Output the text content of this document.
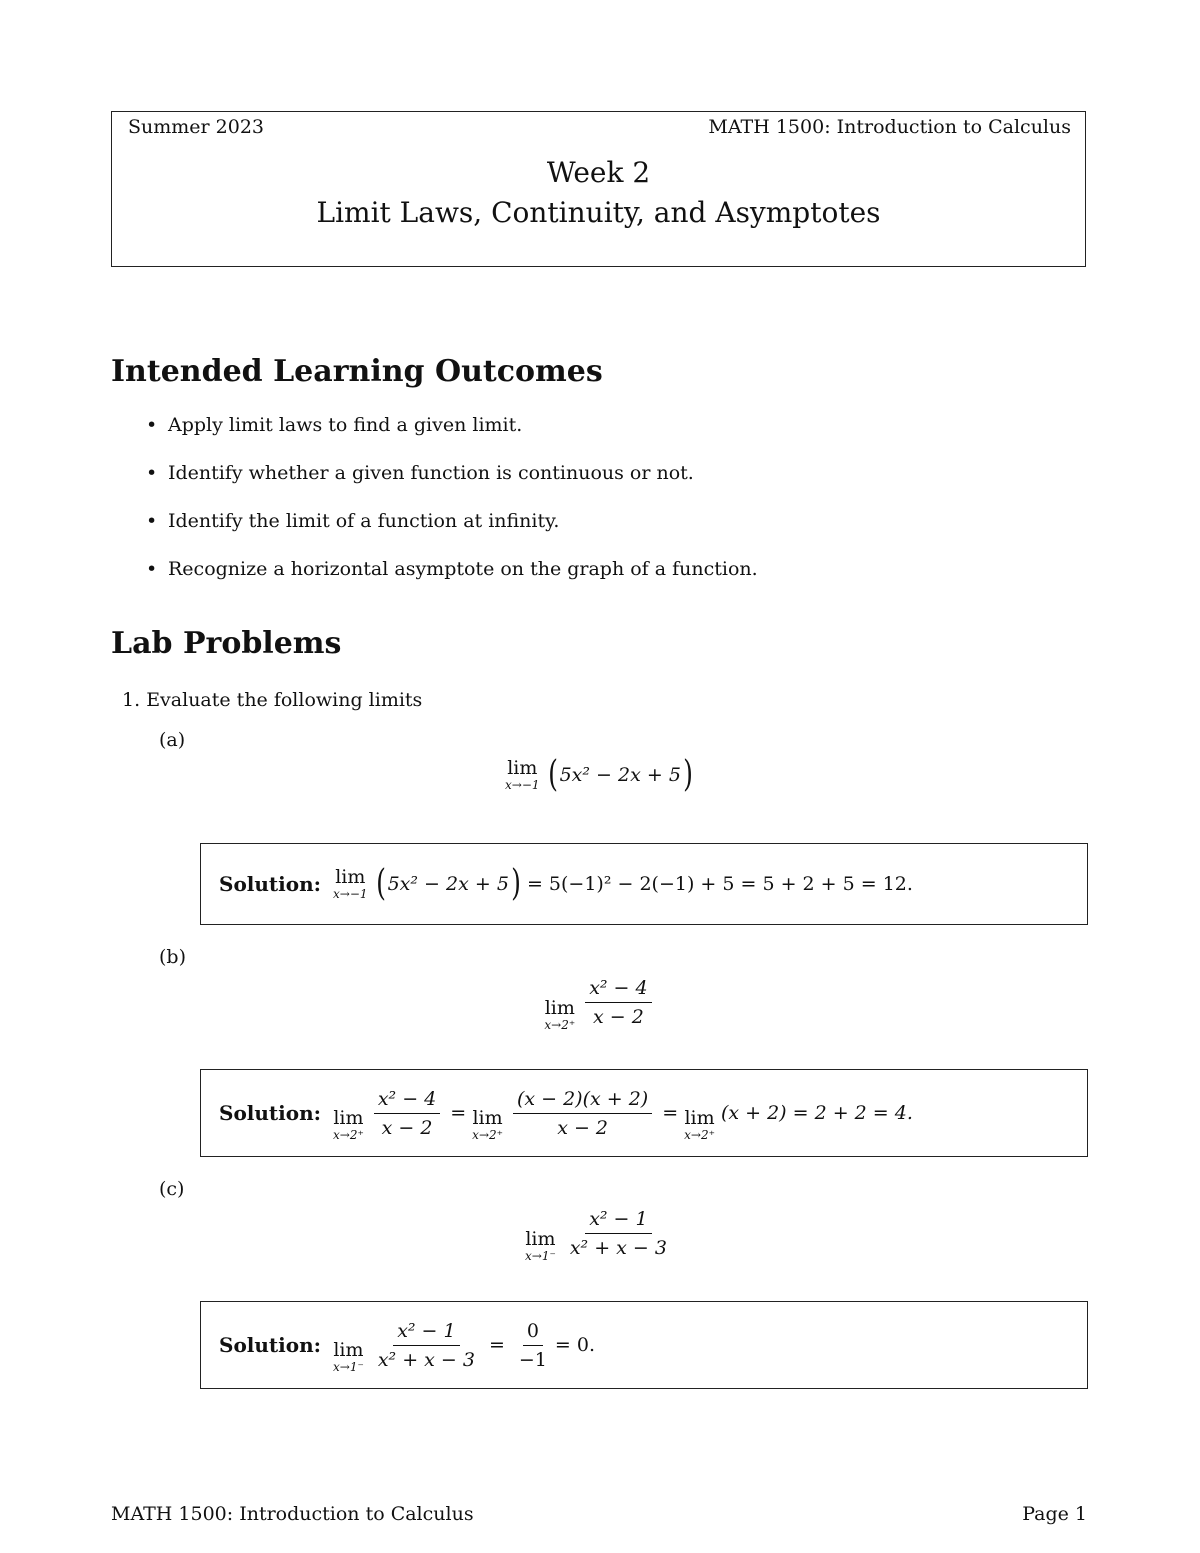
Summer 2023	MATH 1500: Introduction to Calculus
Week 2
Limit Laws, Continuity, and Asymptotes
Intended Learning Outcomes
• Apply limit laws to find a given limit.
• Identify whether a given function is continuous or not.
• Identify the limit of a function at infinity.
• Recognize a horizontal asymptote on the graph of a function.
Lab Problems
1. Evaluate the following limits
(a)
lim
x→−1 ( 5x² − 2x + 5 )
Solution: lim
x→−1 ( 5x² − 2x + 5 ) = 5(−1)² − 2(−1) + 5 = 5 + 2 + 5 = 12.
(b)
lim
$x\to 2^+ \frac{\text{x² − 4}}{x - 2}$
Solution: lim
$x\to 2^+ \frac{\text{x² − 4}}{x - 2} = \lim$
$x\to 2^+ \frac{(x - 2)(x + 2)}{x - 2} = \lim$
x→2⁺
(x + 2) = 2 + 2 = 4.
(c)
lim
$x\to 1^- \frac{\text{x² − 1}}{\text{x² + x − 3}}$
Solution: lim
$x\to 1^- \frac{\text{x² − 1}}{\text{x² + x − 3}} = \frac{0}{-1} = 0$.
MATH 1500: Introduction to Calculus	Page 1
